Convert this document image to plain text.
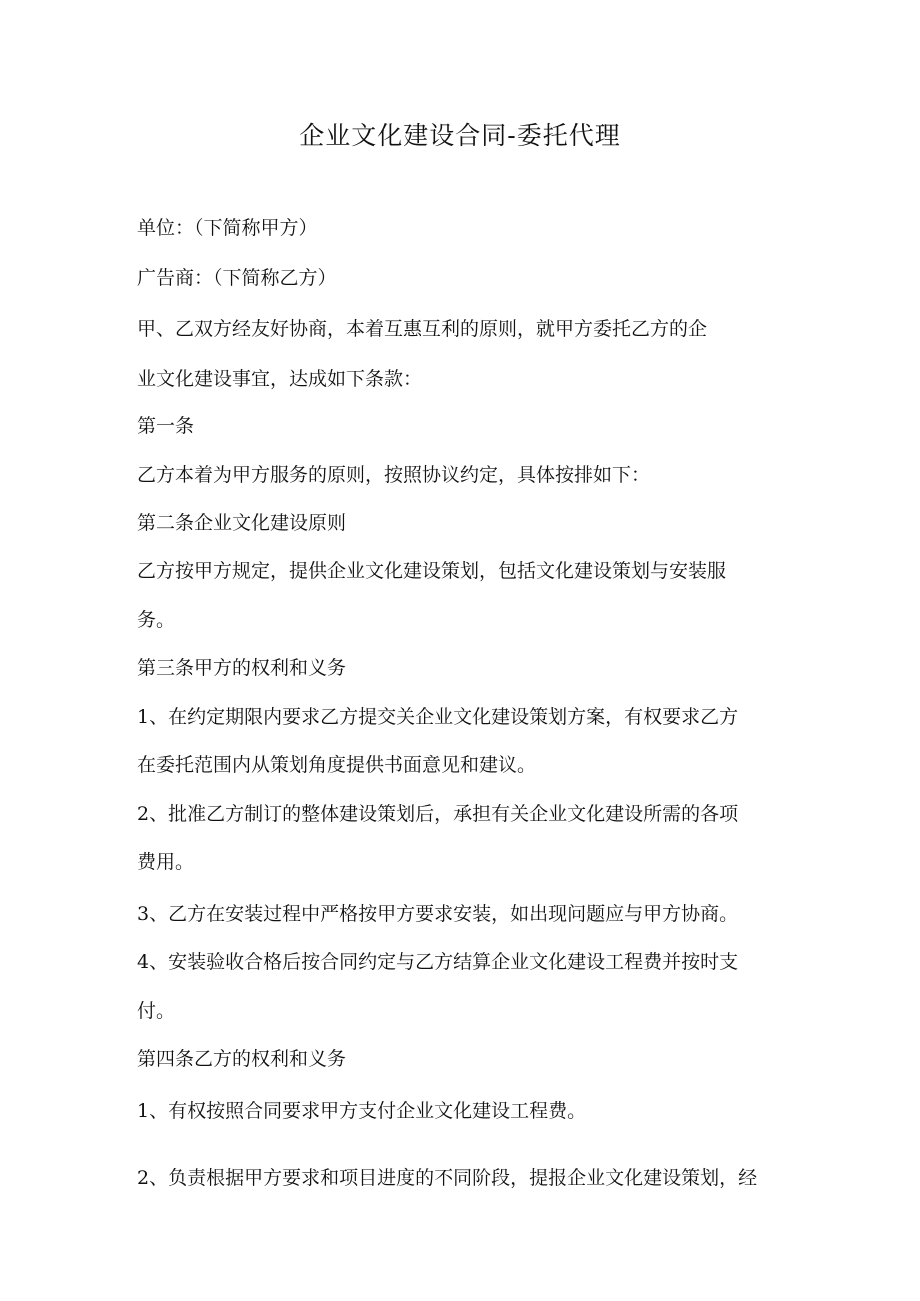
企业文化建设合同-委托代理
单位：（下简称甲方）
广告商：（下简称乙方）
甲、乙双方经友好协商，本着互惠互利的原则，就甲方委托乙方的企
业文化建设事宜，达成如下条款：
第一条
乙方本着为甲方服务的原则，按照协议约定，具体按排如下：
第二条企业文化建设原则
乙方按甲方规定，提供企业文化建设策划，包括文化建设策划与安装服
务。
第三条甲方的权利和义务
1、在约定期限内要求乙方提交关企业文化建设策划方案，有权要求乙方
在委托范围内从策划角度提供书面意见和建议。
2、批准乙方制订的整体建设策划后，承担有关企业文化建设所需的各项
费用。
3、乙方在安装过程中严格按甲方要求安装，如出现问题应与甲方协商。
4、安装验收合格后按合同约定与乙方结算企业文化建设工程费并按时支
付。
第四条乙方的权利和义务
1、有权按照合同要求甲方支付企业文化建设工程费。
2、负责根据甲方要求和项目进度的不同阶段，提报企业文化建设策划，经
